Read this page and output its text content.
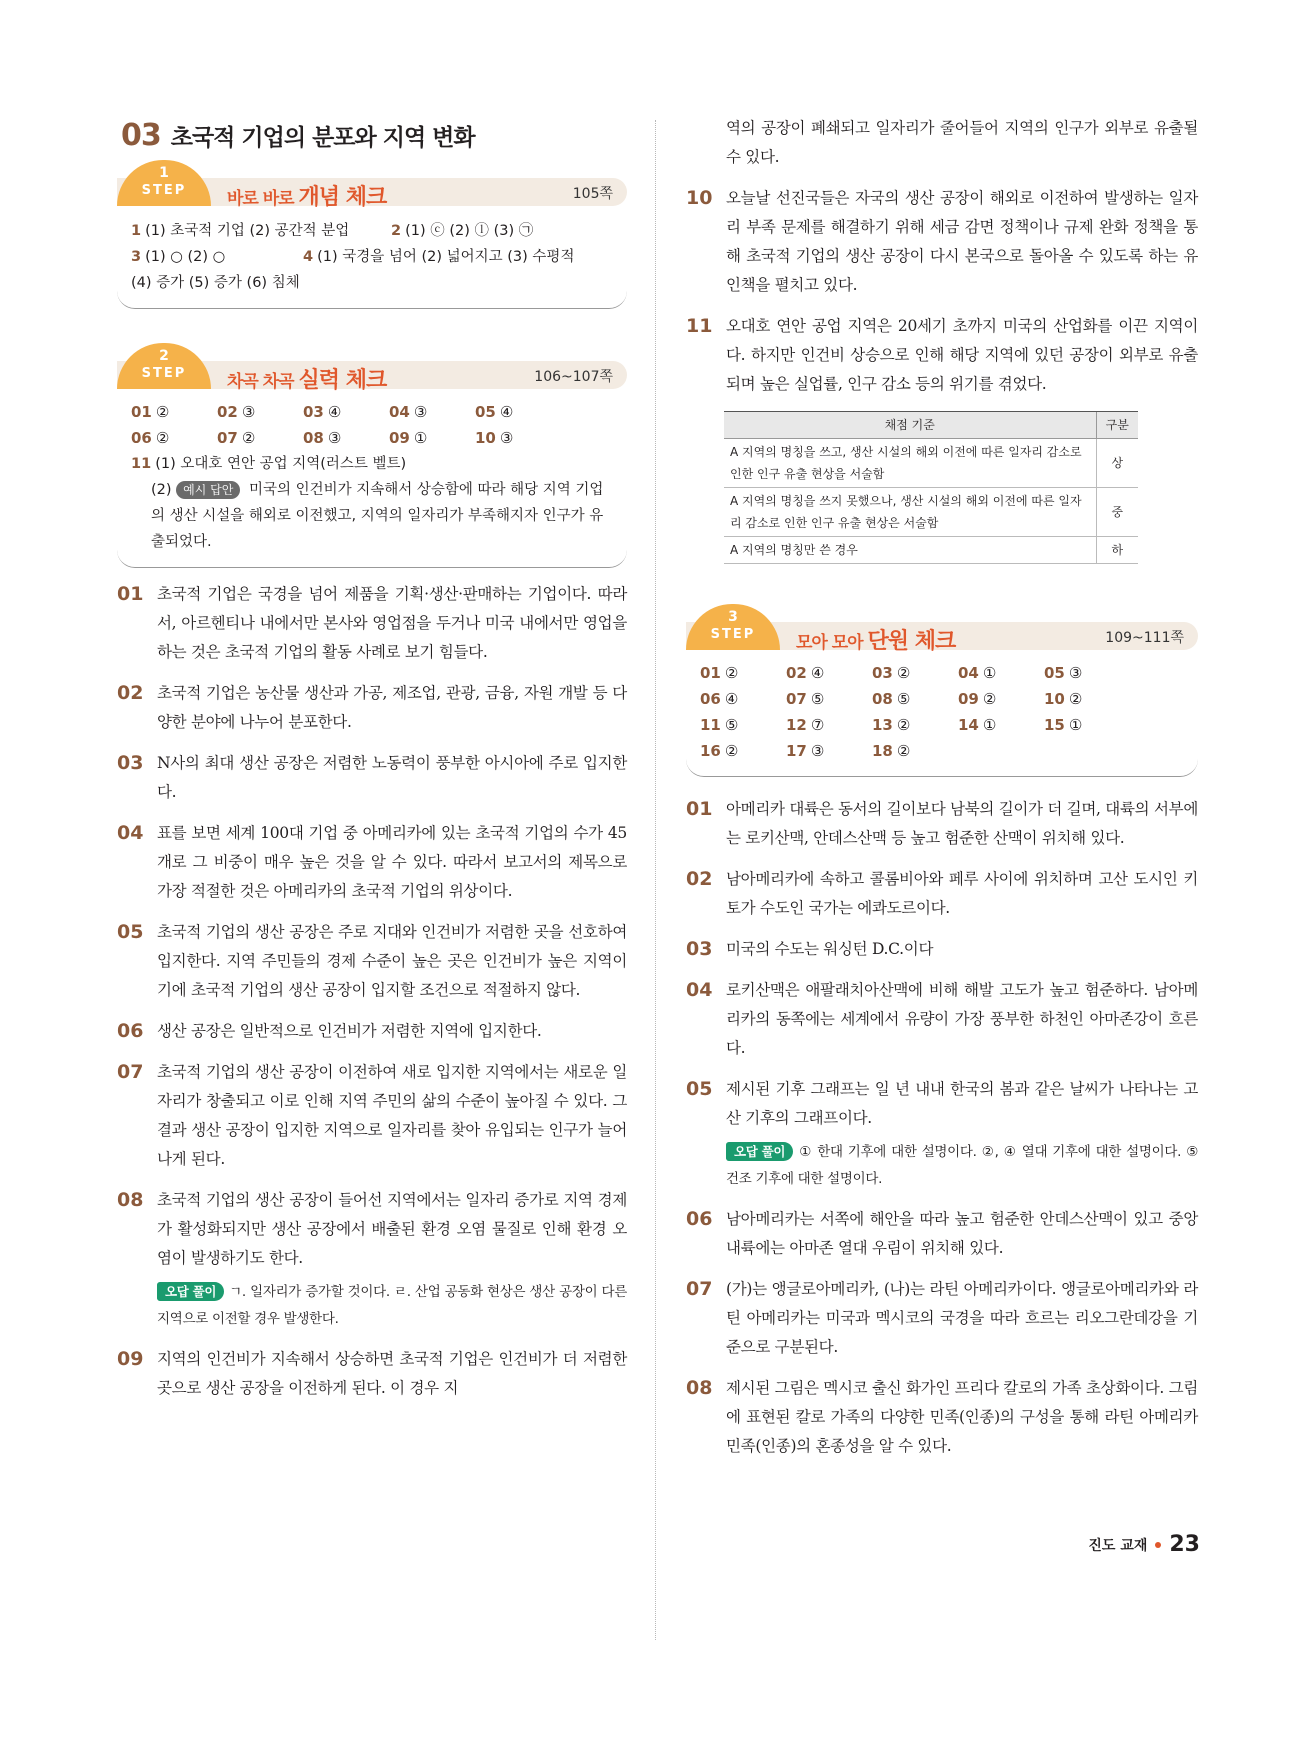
03 초국적 기업의 분포와 지역 변화
1
STEP	바로 바로 개념 체크	105쪽
1 (1) 초국적 기업 (2) 공간적 분업	2 (1) ⓒ (2) ⓛ (3) ㉠
3 (1) ○ (2) ○	4 (1) 국경을 넘어 (2) 넓어지고 (3) 수평적
(4) 증가 (5) 증가 (6) 침체
2
STEP	차곡 차곡 실력 체크	106~107쪽
01 ②	02 ③	03 ④	04 ③	05 ④
06 ②	07 ②	08 ③	09 ①	10 ③
11 (1) 오대호 연안 공업 지역(러스트 벨트)
(2) 예시 답안 미국의 인건비가 지속해서 상승함에 따라 해당 지역 기업의 생산 시설을 해외로 이전했고, 지역의 일자리가 부족해지자 인구가 유출되었다.
01 초국적 기업은 국경을 넘어 제품을 기획·생산·판매하는 기업이다. 따라서, 아르헨티나 내에서만 본사와 영업점을 두거나 미국 내에서만 영업을 하는 것은 초국적 기업의 활동 사례로 보기 힘들다.
02 초국적 기업은 농산물 생산과 가공, 제조업, 관광, 금융, 자원 개발 등 다양한 분야에 나누어 분포한다.
03 N사의 최대 생산 공장은 저렴한 노동력이 풍부한 아시아에 주로 입지한다.
04 표를 보면 세계 100대 기업 중 아메리카에 있는 초국적 기업의 수가 45개로 그 비중이 매우 높은 것을 알 수 있다. 따라서 보고서의 제목으로 가장 적절한 것은 아메리카의 초국적 기업의 위상이다.
05 초국적 기업의 생산 공장은 주로 지대와 인건비가 저렴한 곳을 선호하여 입지한다. 지역 주민들의 경제 수준이 높은 곳은 인건비가 높은 지역이기에 초국적 기업의 생산 공장이 입지할 조건으로 적절하지 않다.
06 생산 공장은 일반적으로 인건비가 저렴한 지역에 입지한다.
07 초국적 기업의 생산 공장이 이전하여 새로 입지한 지역에서는 새로운 일자리가 창출되고 이로 인해 지역 주민의 삶의 수준이 높아질 수 있다. 그 결과 생산 공장이 입지한 지역으로 일자리를 찾아 유입되는 인구가 늘어나게 된다.
08 초국적 기업의 생산 공장이 들어선 지역에서는 일자리 증가로 지역 경제가 활성화되지만 생산 공장에서 배출된 환경 오염 물질로 인해 환경 오염이 발생하기도 한다.
오답 풀이 ㄱ. 일자리가 증가할 것이다. ㄹ. 산업 공동화 현상은 생산 공장이 다른 지역으로 이전할 경우 발생한다.
09 지역의 인건비가 지속해서 상승하면 초국적 기업은 인건비가 더 저렴한 곳으로 생산 공장을 이전하게 된다. 이 경우 지
역의 공장이 폐쇄되고 일자리가 줄어들어 지역의 인구가 외부로 유출될 수 있다.
10 오늘날 선진국들은 자국의 생산 공장이 해외로 이전하여 발생하는 일자리 부족 문제를 해결하기 위해 세금 감면 정책이나 규제 완화 정책을 통해 초국적 기업의 생산 공장이 다시 본국으로 돌아올 수 있도록 하는 유인책을 펼치고 있다.
11 오대호 연안 공업 지역은 20세기 초까지 미국의 산업화를 이끈 지역이다. 하지만 인건비 상승으로 인해 해당 지역에 있던 공장이 외부로 유출되며 높은 실업률, 인구 감소 등의 위기를 겪었다.
채점 기준	구분
A 지역의 명칭을 쓰고, 생산 시설의 해외 이전에 따른 일자리 감소로 인한 인구 유출 현상을 서술함	상
A 지역의 명칭을 쓰지 못했으나, 생산 시설의 해외 이전에 따른 일자리 감소로 인한 인구 유출 현상은 서술함	중
A 지역의 명칭만 쓴 경우	하
3
STEP	모아 모아 단원 체크	109~111쪽
01 ②	02 ④	03 ②	04 ①	05 ③
06 ④	07 ⑤	08 ⑤	09 ②	10 ②
11 ⑤	12 ⑦	13 ②	14 ①	15 ①
16 ②	17 ③	18 ②
01 아메리카 대륙은 동서의 길이보다 남북의 길이가 더 길며, 대륙의 서부에는 로키산맥, 안데스산맥 등 높고 험준한 산맥이 위치해 있다.
02 남아메리카에 속하고 콜롬비아와 페루 사이에 위치하며 고산 도시인 키토가 수도인 국가는 에콰도르이다.
03 미국의 수도는 워싱턴 D.C.이다
04 로키산맥은 애팔래치아산맥에 비해 해발 고도가 높고 험준하다. 남아메리카의 동쪽에는 세계에서 유량이 가장 풍부한 하천인 아마존강이 흐른다.
05 제시된 기후 그래프는 일 년 내내 한국의 봄과 같은 날씨가 나타나는 고산 기후의 그래프이다.
오답 풀이 ① 한대 기후에 대한 설명이다. ②, ④ 열대 기후에 대한 설명이다. ⑤ 건조 기후에 대한 설명이다.
06 남아메리카는 서쪽에 해안을 따라 높고 험준한 안데스산맥이 있고 중앙 내륙에는 아마존 열대 우림이 위치해 있다.
07 (가)는 앵글로아메리카, (나)는 라틴 아메리카이다. 앵글로아메리카와 라틴 아메리카는 미국과 멕시코의 국경을 따라 흐르는 리오그란데강을 기준으로 구분된다.
08 제시된 그림은 멕시코 출신 화가인 프리다 칼로의 가족 초상화이다. 그림에 표현된 칼로 가족의 다양한 민족(인종)의 구성을 통해 라틴 아메리카 민족(인종)의 혼종성을 알 수 있다.
진도 교재 23
